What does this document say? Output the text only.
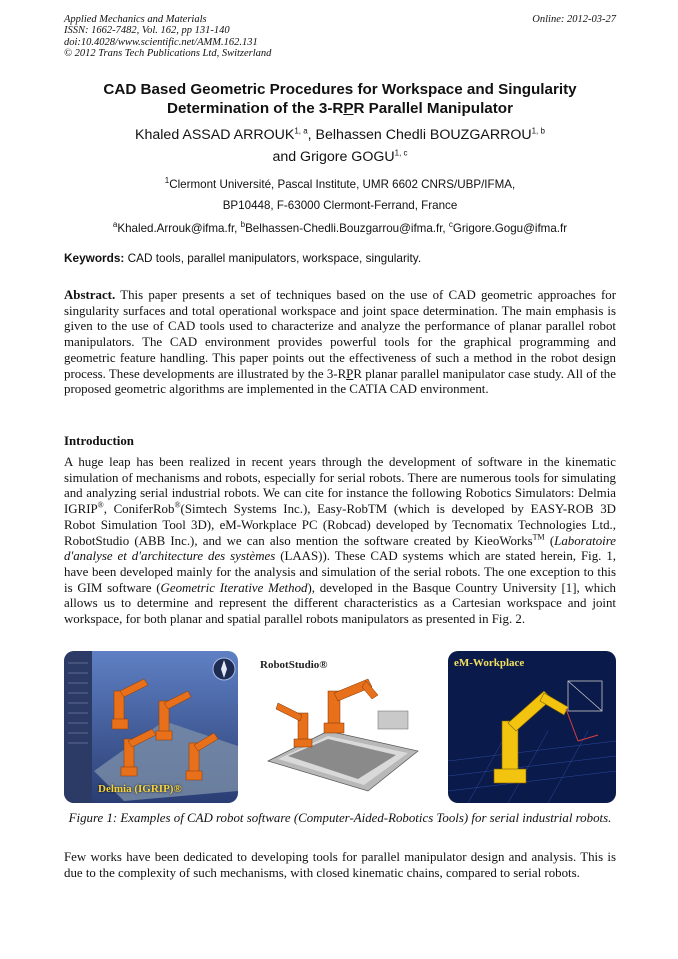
Applied Mechanics and Materials
ISSN: 1662-7482, Vol. 162, pp 131-140
doi:10.4028/www.scientific.net/AMM.162.131
© 2012 Trans Tech Publications Ltd, Switzerland
Online: 2012-03-27
CAD Based Geometric Procedures for Workspace and Singularity
Determination of the 3-RPR Parallel Manipulator
Khaled ASSAD ARROUK$^{1, a}$, Belhassen Chedli BOUZGARROU$^{1, b}$
and Grigore GOGU$^{1, c}$
$^1$Clermont Université, Pascal Institute, UMR 6602 CNRS/UBP/IFMA,
BP10448, F-63000 Clermont-Ferrand, France
$^a$Khaled.Arrouk@ifma.fr, $^b$Belhassen-Chedli.Bouzgarrou@ifma.fr, $^c$Grigore.Gogu@ifma.fr
Keywords: CAD tools, parallel manipulators, workspace, singularity.
Abstract. This paper presents a set of techniques based on the use of CAD geometric approaches for singularity surfaces and total operational workspace and joint space determination. The main emphasis is given to the use of CAD tools used to characterize and analyze the performance of planar parallel robot manipulators. The CAD environment provides powerful tools for the graphical programming and geometric feature handling. This paper points out the effectiveness of such a method in the robot design process. These developments are illustrated by the 3-RPR planar parallel manipulator case study. All of the proposed geometric algorithms are implemented in the CATIA CAD environment.
Introduction
A huge leap has been realized in recent years through the development of software in the kinematic simulation of mechanisms and robots, especially for serial robots. There are numerous tools for simulating and analyzing serial industrial robots. We can cite for instance the following Robotics Simulators: Delmia IGRIP®, ConiferRob®(Simtech Systems Inc.), Easy-RobTM (which is developed by EASY-ROB 3D Robot Simulation Tool 3D), eM-Workplace PC (Robcad) developed by Tecnomatix Technologies Ltd., RobotStudio (ABB Inc.), and we can also mention the software created by KieoWorks™ (Laboratoire d'analyse et d'architecture des systèmes (LAAS)). These CAD systems which are stated herein, Fig. 1, have been developed mainly for the analysis and simulation of the serial robots. The one exception to this is GIM software (Geometric Iterative Method), developed in the Basque Country University [1], which allows us to determine and represent the different characteristics as a Cartesian workspace and joint workspace, for both planar and spatial parallel robots manipulators as presented in Fig. 2.
Delmia (IGRIP)®
RobotStudio®	eM-Workplace
Figure 1: Examples of CAD robot software (Computer-Aided-Robotics Tools) for serial industrial robots.
Few works have been dedicated to developing tools for parallel manipulator design and analysis. This is due to the complexity of such mechanisms, with closed kinematic chains, compared to serial robots.
